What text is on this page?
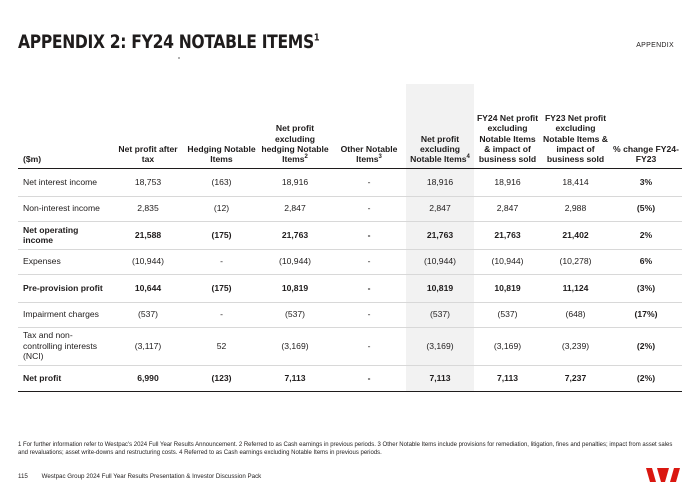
APPENDIX 2: FY24 NOTABLE ITEMS$^1$
APPENDIX
($m)	Net profit after tax	Hedging Notable Items	Net profit excluding hedging Notable Items$^2$	Other Notable Items$^3$	Net profit excluding Notable Items$^4$	FY24 Net profit excluding Notable Items & impact of business sold	FY23 Net profit excluding Notable Items & impact of business sold	% change FY24-FY23
Net interest income	18,753	(163)	18,916	-	18,916	18,916	18,414	3%
Non-interest income	2,835	(12)	2,847	-	2,847	2,847	2,988	(5%)
Net operating income	21,588	(175)	21,763	-	21,763	21,763	21,402	2%
Expenses	(10,944)	-	(10,944)	-	(10,944)	(10,944)	(10,278)	6%
Pre-provision profit	10,644	(175)	10,819	-	10,819	10,819	11,124	(3%)
Impairment charges	(537)	-	(537)	-	(537)	(537)	(648)	(17%)
Tax and non-controlling interests (NCI)	(3,117)	52	(3,169)	-	(3,169)	(3,169)	(3,239)	(2%)
Net profit	6,990	(123)	7,113	-	7,113	7,113	7,237	(2%)
1 For further information refer to Westpac's 2024 Full Year Results Announcement. 2 Referred to as Cash earnings in previous periods. 3 Other Notable Items include provisions for remediation, litigation, fines and penalties; impact from asset sales and revaluations; asset write-downs and restructuring costs. 4 Referred to as Cash earnings excluding Notable Items in previous periods.
115 Westpac Group 2024 Full Year Results Presentation & Investor Discussion Pack
